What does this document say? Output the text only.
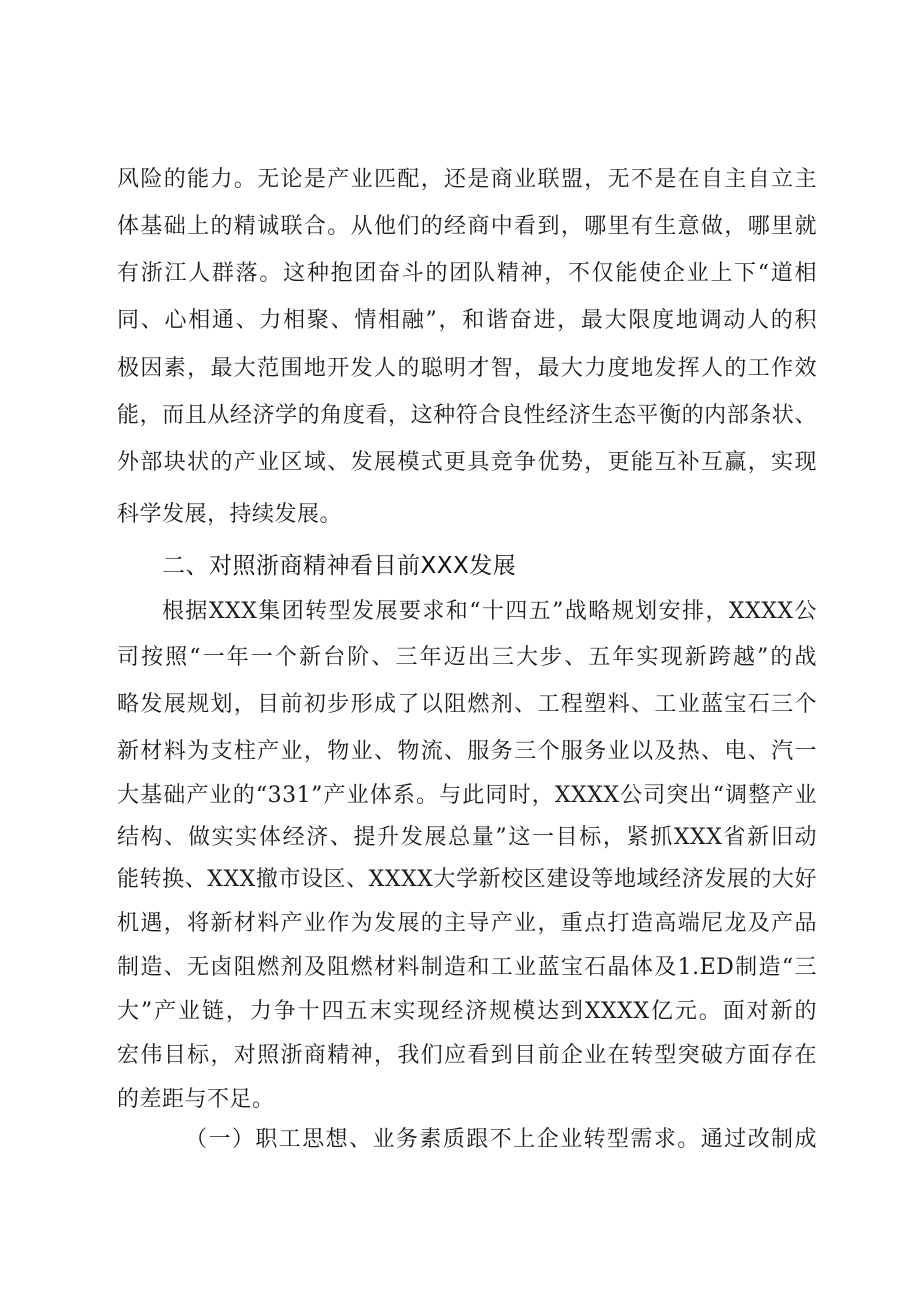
风险的能力。无论是产业匹配，还是商业联盟，无不是在自主自立主
体基础上的精诚联合。从他们的经商中看到，哪里有生意做，哪里就
有浙江人群落。这种抱团奋斗的团队精神，不仅能使企业上下“道相
同、心相通、力相聚、情相融”，和谐奋进，最大限度地调动人的积
极因素，最大范围地开发人的聪明才智，最大力度地发挥人的工作效
能，而且从经济学的角度看，这种符合良性经济生态平衡的内部条状、
外部块状的产业区域、发展模式更具竞争优势，更能互补互赢，实现
科学发展，持续发展。
二、对照浙商精神看目前XXX发展
根据XXX集团转型发展要求和“十四五”战略规划安排，XXXX公
司按照“一年一个新台阶、三年迈出三大步、五年实现新跨越”的战
略发展规划，目前初步形成了以阻燃剂、工程塑料、工业蓝宝石三个
新材料为支柱产业，物业、物流、服务三个服务业以及热、电、汽一
大基础产业的“331”产业体系。与此同时，XXXX公司突出“调整产业
结构、做实实体经济、提升发展总量”这一目标，紧抓XXX省新旧动
能转换、XXX撤市设区、XXXX大学新校区建设等地域经济发展的大好
机遇，将新材料产业作为发展的主导产业，重点打造高端尼龙及产品
制造、无卤阻燃剂及阻燃材料制造和工业蓝宝石晶体及1.ED制造“三
大”产业链，力争十四五末实现经济规模达到XXXX亿元。面对新的
宏伟目标，对照浙商精神，我们应看到目前企业在转型突破方面存在
的差距与不足。
（一）职工思想、业务素质跟不上企业转型需求。通过改制成
